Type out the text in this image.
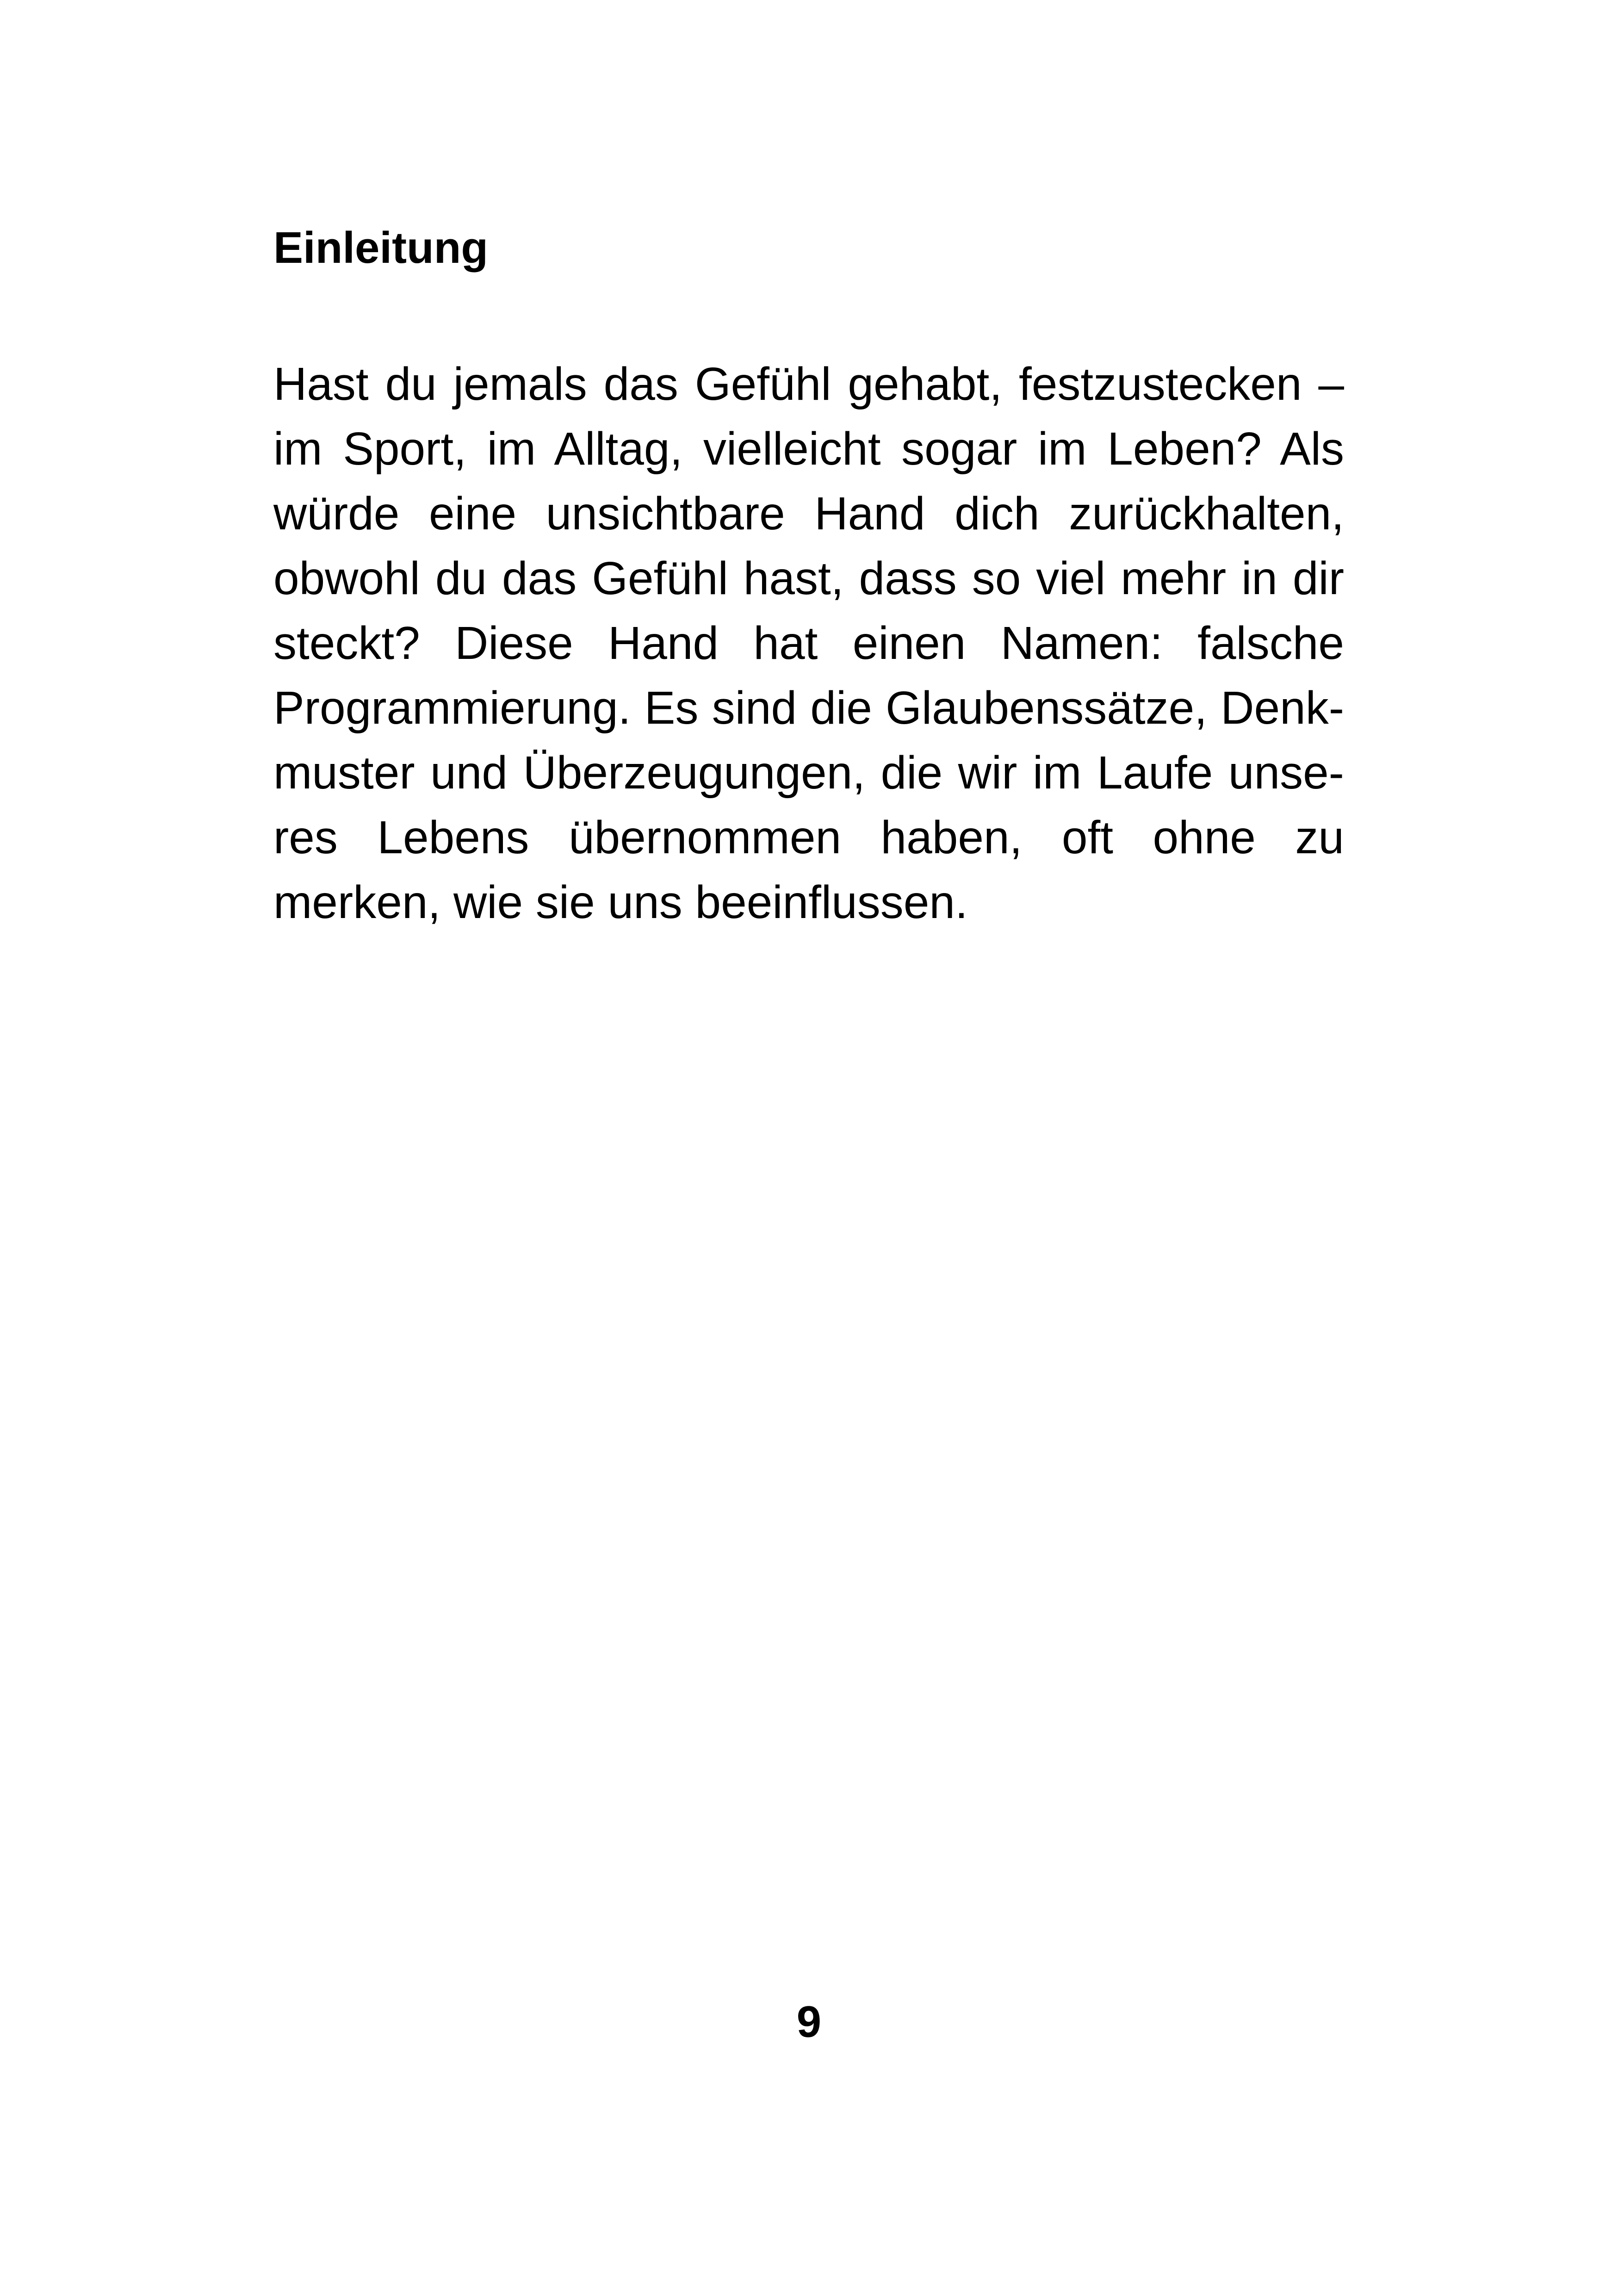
Einleitung
Hast du jemals das Gefühl gehabt, festzustecken –
im Sport, im Alltag, vielleicht sogar im Leben? Als
würde eine unsichtbare Hand dich zurückhalten,
obwohl du das Gefühl hast, dass so viel mehr in dir
steckt? Diese Hand hat einen Namen: falsche
Programmierung. Es sind die Glaubenssätze, Denk-
muster und Überzeugungen, die wir im Laufe unse-
res Lebens übernommen haben, oft ohne zu
merken, wie sie uns beeinflussen.
9
